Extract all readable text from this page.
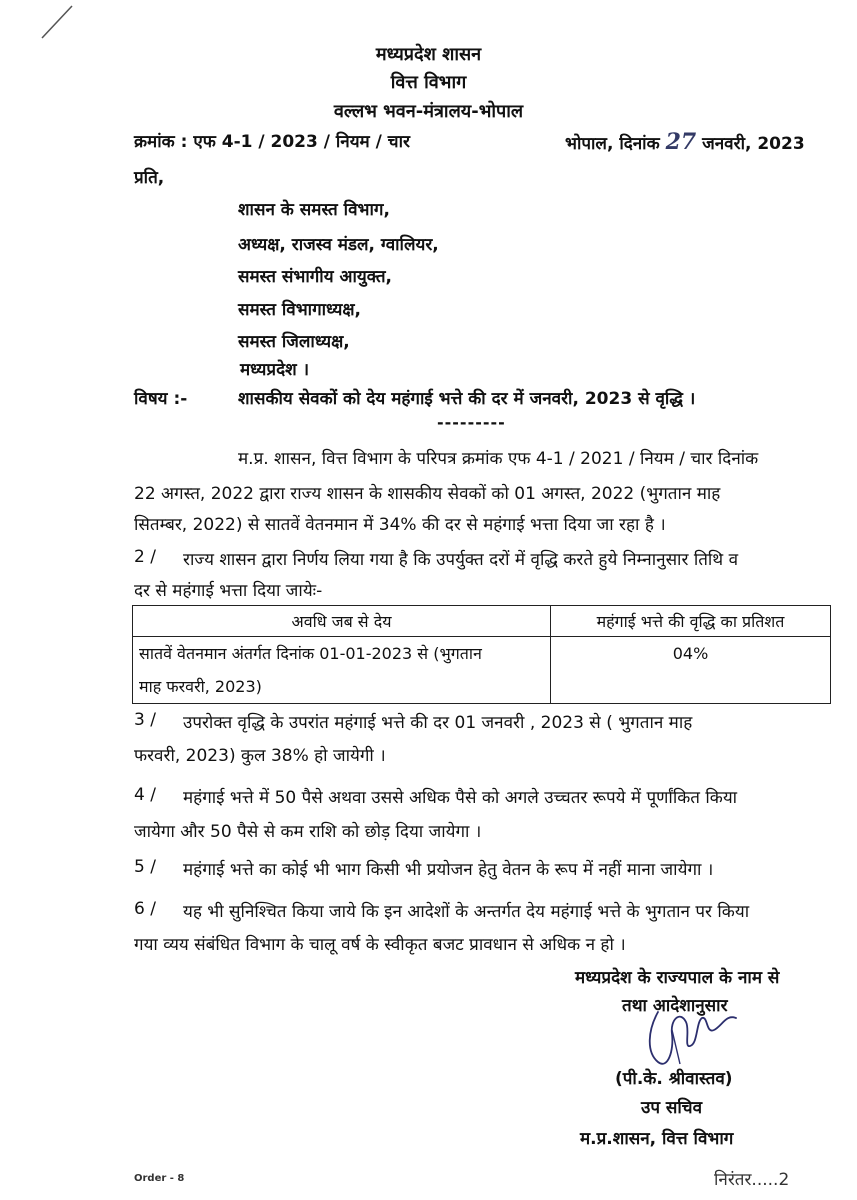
मध्यप्रदेश शासन
वित्त विभाग
वल्लभ भवन-मंत्रालय-भोपाल
क्रमांक : एफ 4-1 / 2023 / नियम / चार	भोपाल, दिनांक 27 जनवरी, 2023
प्रति,
शासन के समस्त विभाग,
अध्यक्ष, राजस्व मंडल, ग्वालियर,
समस्त संभागीय आयुक्त,
समस्त विभागाध्यक्ष,
समस्त जिलाध्यक्ष,
मध्यप्रदेश ।
विषय :-	शासकीय सेवकों को देय महंगाई भत्ते की दर में जनवरी, 2023 से वृद्धि ।
---------
म.प्र. शासन, वित्त विभाग के परिपत्र क्रमांक एफ 4-1 / 2021 / नियम / चार दिनांक
22 अगस्त, 2022 द्वारा राज्य शासन के शासकीय सेवकों को 01 अगस्त, 2022 (भुगतान माह
सितम्बर, 2022) से सातवें वेतनमान में 34% की दर से महंगाई भत्ता दिया जा रहा है ।
2 / राज्य शासन द्वारा निर्णय लिया गया है कि उपर्युक्त दरों में वृद्धि करते हुये निम्नानुसार तिथि व
दर से महंगाई भत्ता दिया जायेः-
अवधि जब से देय	महंगाई भत्ते की वृद्धि का प्रतिशत

सातवें वेतनमान अंतर्गत दिनांक 01-01-2023 से (भुगतान
माह फरवरी, 2023)	04%
3 / उपरोक्त वृद्धि के उपरांत महंगाई भत्ते की दर 01 जनवरी , 2023 से ( भुगतान माह
फरवरी, 2023) कुल 38% हो जायेगी ।
4 / महंगाई भत्ते में 50 पैसे अथवा उससे अधिक पैसे को अगले उच्चतर रूपये में पूर्णांकित किया
जायेगा और 50 पैसे से कम राशि को छोड़ दिया जायेगा ।
5 / महंगाई भत्ते का कोई भी भाग किसी भी प्रयोजन हेतु वेतन के रूप में नहीं माना जायेगा ।
6 / यह भी सुनिश्चित किया जाये कि इन आदेशों के अन्तर्गत देय महंगाई भत्ते के भुगतान पर किया
गया व्यय संबंधित विभाग के चालू वर्ष के स्वीकृत बजट प्रावधान से अधिक न हो ।
मध्यप्रदेश के राज्यपाल के नाम से
तथा आदेशानुसार
(पी.के. श्रीवास्तव)
उप सचिव
म.प्र.शासन, वित्त विभाग
Order - 8	निरंतर.....2
